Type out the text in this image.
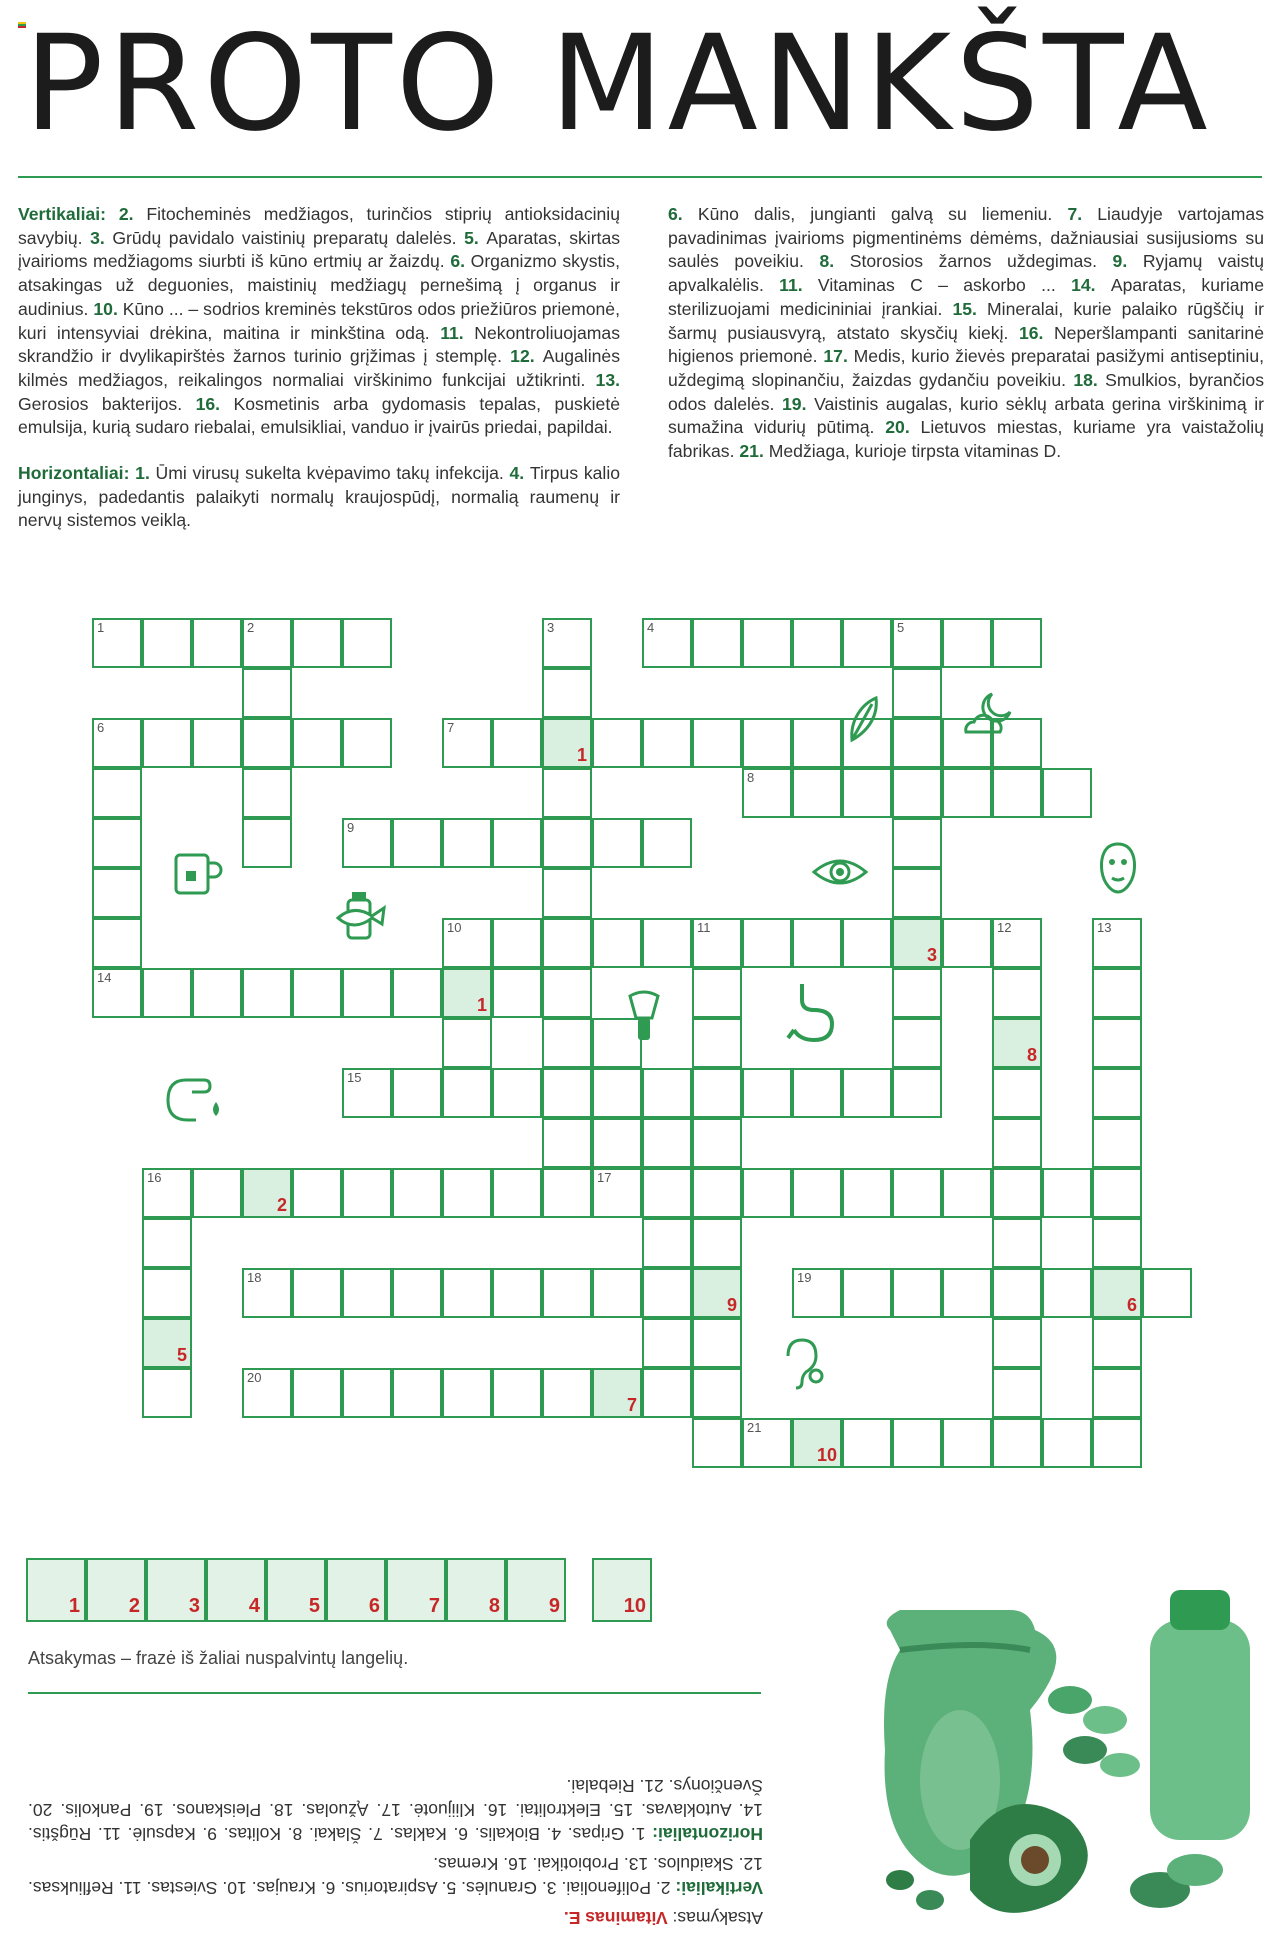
PROTO MANKŠTA

Vertikaliai: 2. Fitocheminės medžiagos, turinčios stiprių antioksidacinių savybių. 3. Grūdų pavidalo vaistinių preparatų dalelės. 5. Aparatas, skirtas įvairioms medžiagoms siurbti iš kūno ertmių ar žaizdų. 6. Organizmo skystis, atsakingas už deguonies, maistinių medžiagų pernešimą į organus ir audinius. 10. Kūno ... – sodrios kreminės tekstūros odos priežiūros priemonė, kuri intensyviai drėkina, maitina ir minkština odą. 11. Nekontroliuojamas skrandžio ir dvylikapirštės žarnos turinio grįžimas į stemplę. 12. Augalinės kilmės medžiagos, reikalingos normaliai virškinimo funkcijai užtikrinti. 13. Gerosios bakterijos. 16. Kosmetinis arba gydomasis tepalas, puskietė emulsija, kurią sudaro riebalai, emulsikliai, vanduo ir įvairūs priedai, papildai.

Horizontaliai: 1. Ūmi virusų sukelta kvėpavimo takų infekcija. 4. Tirpus kalio junginys, padedantis palaikyti normalų kraujospūdį, normalią raumenų ir nervų sistemos veiklą.

6. Kūno dalis, jungianti galvą su liemeniu. 7. Liaudyje vartojamas pavadinimas įvairioms pigmentinėms dėmėms, dažniausiai susijusioms su saulės poveikiu. 8. Storosios žarnos uždegimas. 9. Ryjamų vaistų apvalkalėlis. 11. Vitaminas C – askorbo ... 14. Aparatas, kuriame sterilizuojami medicininiai įrankiai. 15. Mineralai, kurie palaiko rūgščių ir šarmų pusiausvyrą, atstato skysčių kiekį. 16. Neperšlampanti sanitarinė higienos priemonė. 17. Medis, kurio žievės preparatai pasižymi antiseptiniu, uždegimą slopinančiu, žaizdas gydančiu poveikiu. 18. Smulkios, byrančios odos dalelės. 19. Vaistinis augalas, kurio sėklų arbata gerina virškinimą ir sumažina vidurių pūtimą. 20. Lietuvos miestas, kuriame yra vaistažolių fabrikas. 21. Medžiaga, kurioje tirpsta vitaminas D.

1	2	4	5
6	7
1
8
9
10	11
3
12
14
1
15
16
2
17
18	19
6
20
7
21
10
3
9
8
13
5
1 2 3 4 5 6 7 8 9	10
Atsakymas – frazė iš žaliai nuspalvintų langelių.
Atsakymas: Vitaminas E.
Vertikaliai: 2. Polifenoliai. 3. Granulės. 5. Aspiratorius. 6. Kraujas. 10. Sviestas. 11. Refliuksas. 12. Skaidulos. 13. Probiotikai. 16. Kremas.
Horizontaliai: 1. Gripas. 4. Biokalis. 6. Kaklas. 7. Šlakai. 8. Kolitas. 9. Kapsulė. 11. Rūgštis. 14. Autoklavas. 15. Elektrolitai. 16. Kliijuotė. 17. Ąžuolas. 18. Pleiskanos. 19. Pankolis. 20. Švenčionys. 21. Riebalai.
